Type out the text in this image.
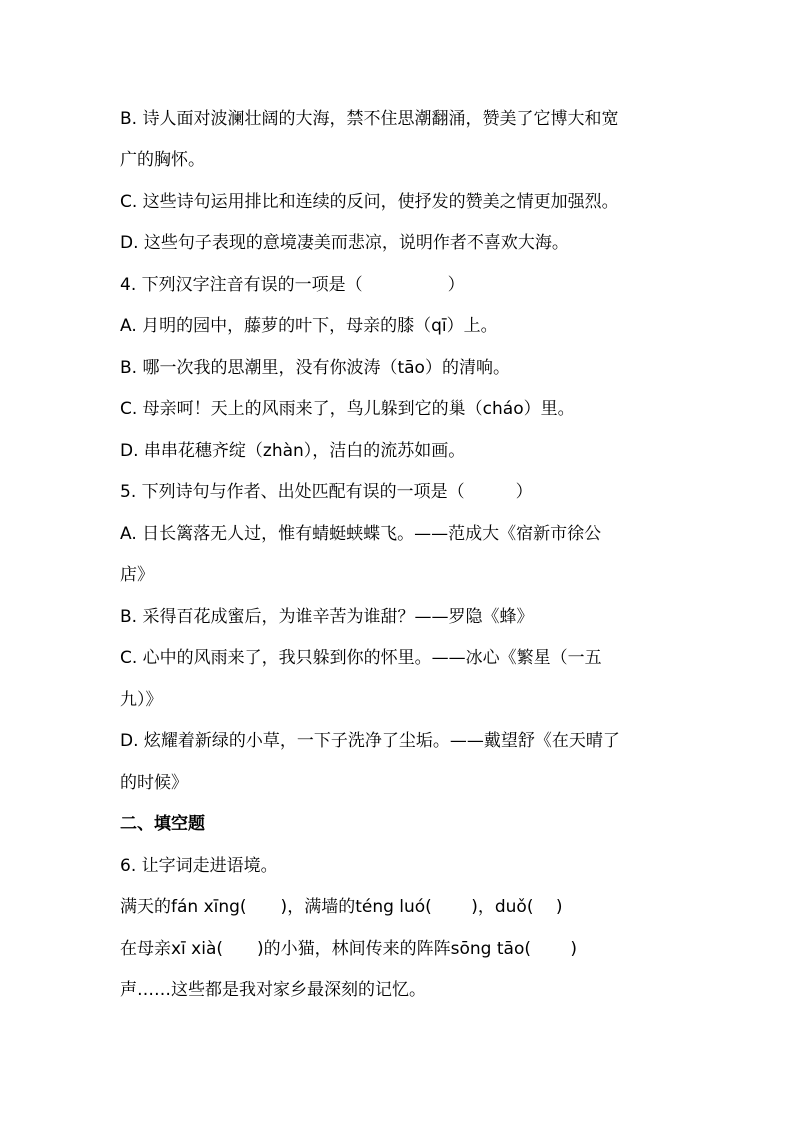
B. 诗人面对波澜壮阔的大海，禁不住思潮翻涌，赞美了它博大和宽
广的胸怀。
C. 这些诗句运用排比和连续的反问，使抒发的赞美之情更加强烈。
D. 这些句子表现的意境凄美而悲凉，说明作者不喜欢大海。
4. 下列汉字注音有误的一项是（　　　　　）
A. 月明的园中，藤萝的叶下，母亲的膝（qī）上。
B. 哪一次我的思潮里，没有你波涛（tāo）的清响。
C. 母亲呵！天上的风雨来了，鸟儿躲到它的巢（cháo）里。
D. 串串花穗齐绽（zhàn），洁白的流苏如画。
5. 下列诗句与作者、出处匹配有误的一项是（　　　）
A. 日长篱落无人过，惟有蜻蜓蛱蝶飞。——范成大《宿新市徐公
店》
B. 采得百花成蜜后，为谁辛苦为谁甜？——罗隐《蜂》
C. 心中的风雨来了，我只躲到你的怀里。——冰心《繁星（一五
九）》
D. 炫耀着新绿的小草，一下子洗净了尘垢。——戴望舒《在天晴了
的时候》
二、填空题
6. 让字词走进语境。
满天的fán xīng(　　)，满墙的téng luó(　　 )，duǒ(　 )
在母亲xī xià(　　)的小猫，林间传来的阵阵sōng tāo(　　 )
声……这些都是我对家乡最深刻的记忆。
